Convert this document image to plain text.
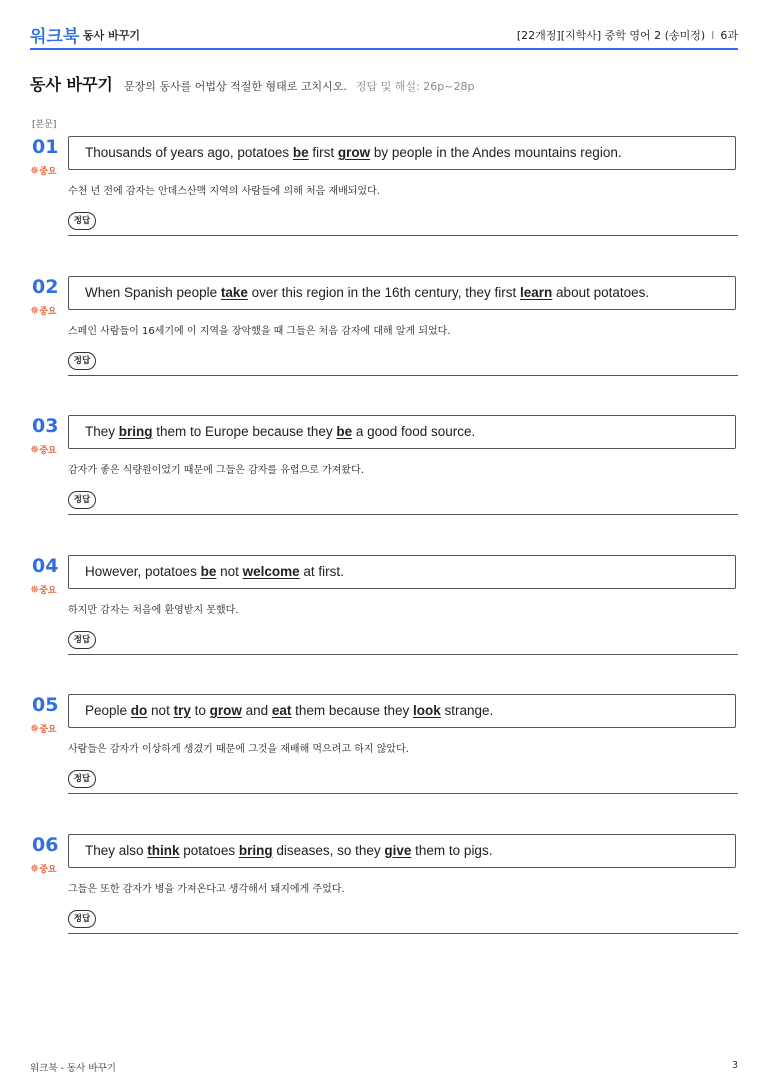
워크북 동사 바꾸기	[22개정][지학사] 중학 영어 2 (송미정) I 6과
동사 바꾸기 문장의 동사를 어법상 적절한 형태로 고치시오. 정답 및 해설: 26p~28p
[본문]
01
✵중요
Thousands of years ago, potatoes be first grow by people in the Andes mountains region.
수천 년 전에 감자는 안데스산맥 지역의 사람들에 의해 처음 재배되었다.
정답
02
✵중요
When Spanish people take over this region in the 16th century, they first learn about potatoes.
스페인 사람들이 16세기에 이 지역을 장악했을 때 그들은 처음 감자에 대해 알게 되었다.
정답
03
✵중요
They bring them to Europe because they be a good food source.
감자가 좋은 식량원이었기 때문에 그들은 감자를 유럽으로 가져왔다.
정답
04
✵중요
However, potatoes be not welcome at first.
하지만 감자는 처음에 환영받지 못했다.
정답
05
✵중요
People do not try to grow and eat them because they look strange.
사람들은 감자가 이상하게 생겼기 때문에 그것을 재배해 먹으려고 하지 않았다.
정답
06
✵중요
They also think potatoes bring diseases, so they give them to pigs.
그들은 또한 감자가 병을 가져온다고 생각해서 돼지에게 주었다.
정답
워크북 - 동사 바꾸기	3
